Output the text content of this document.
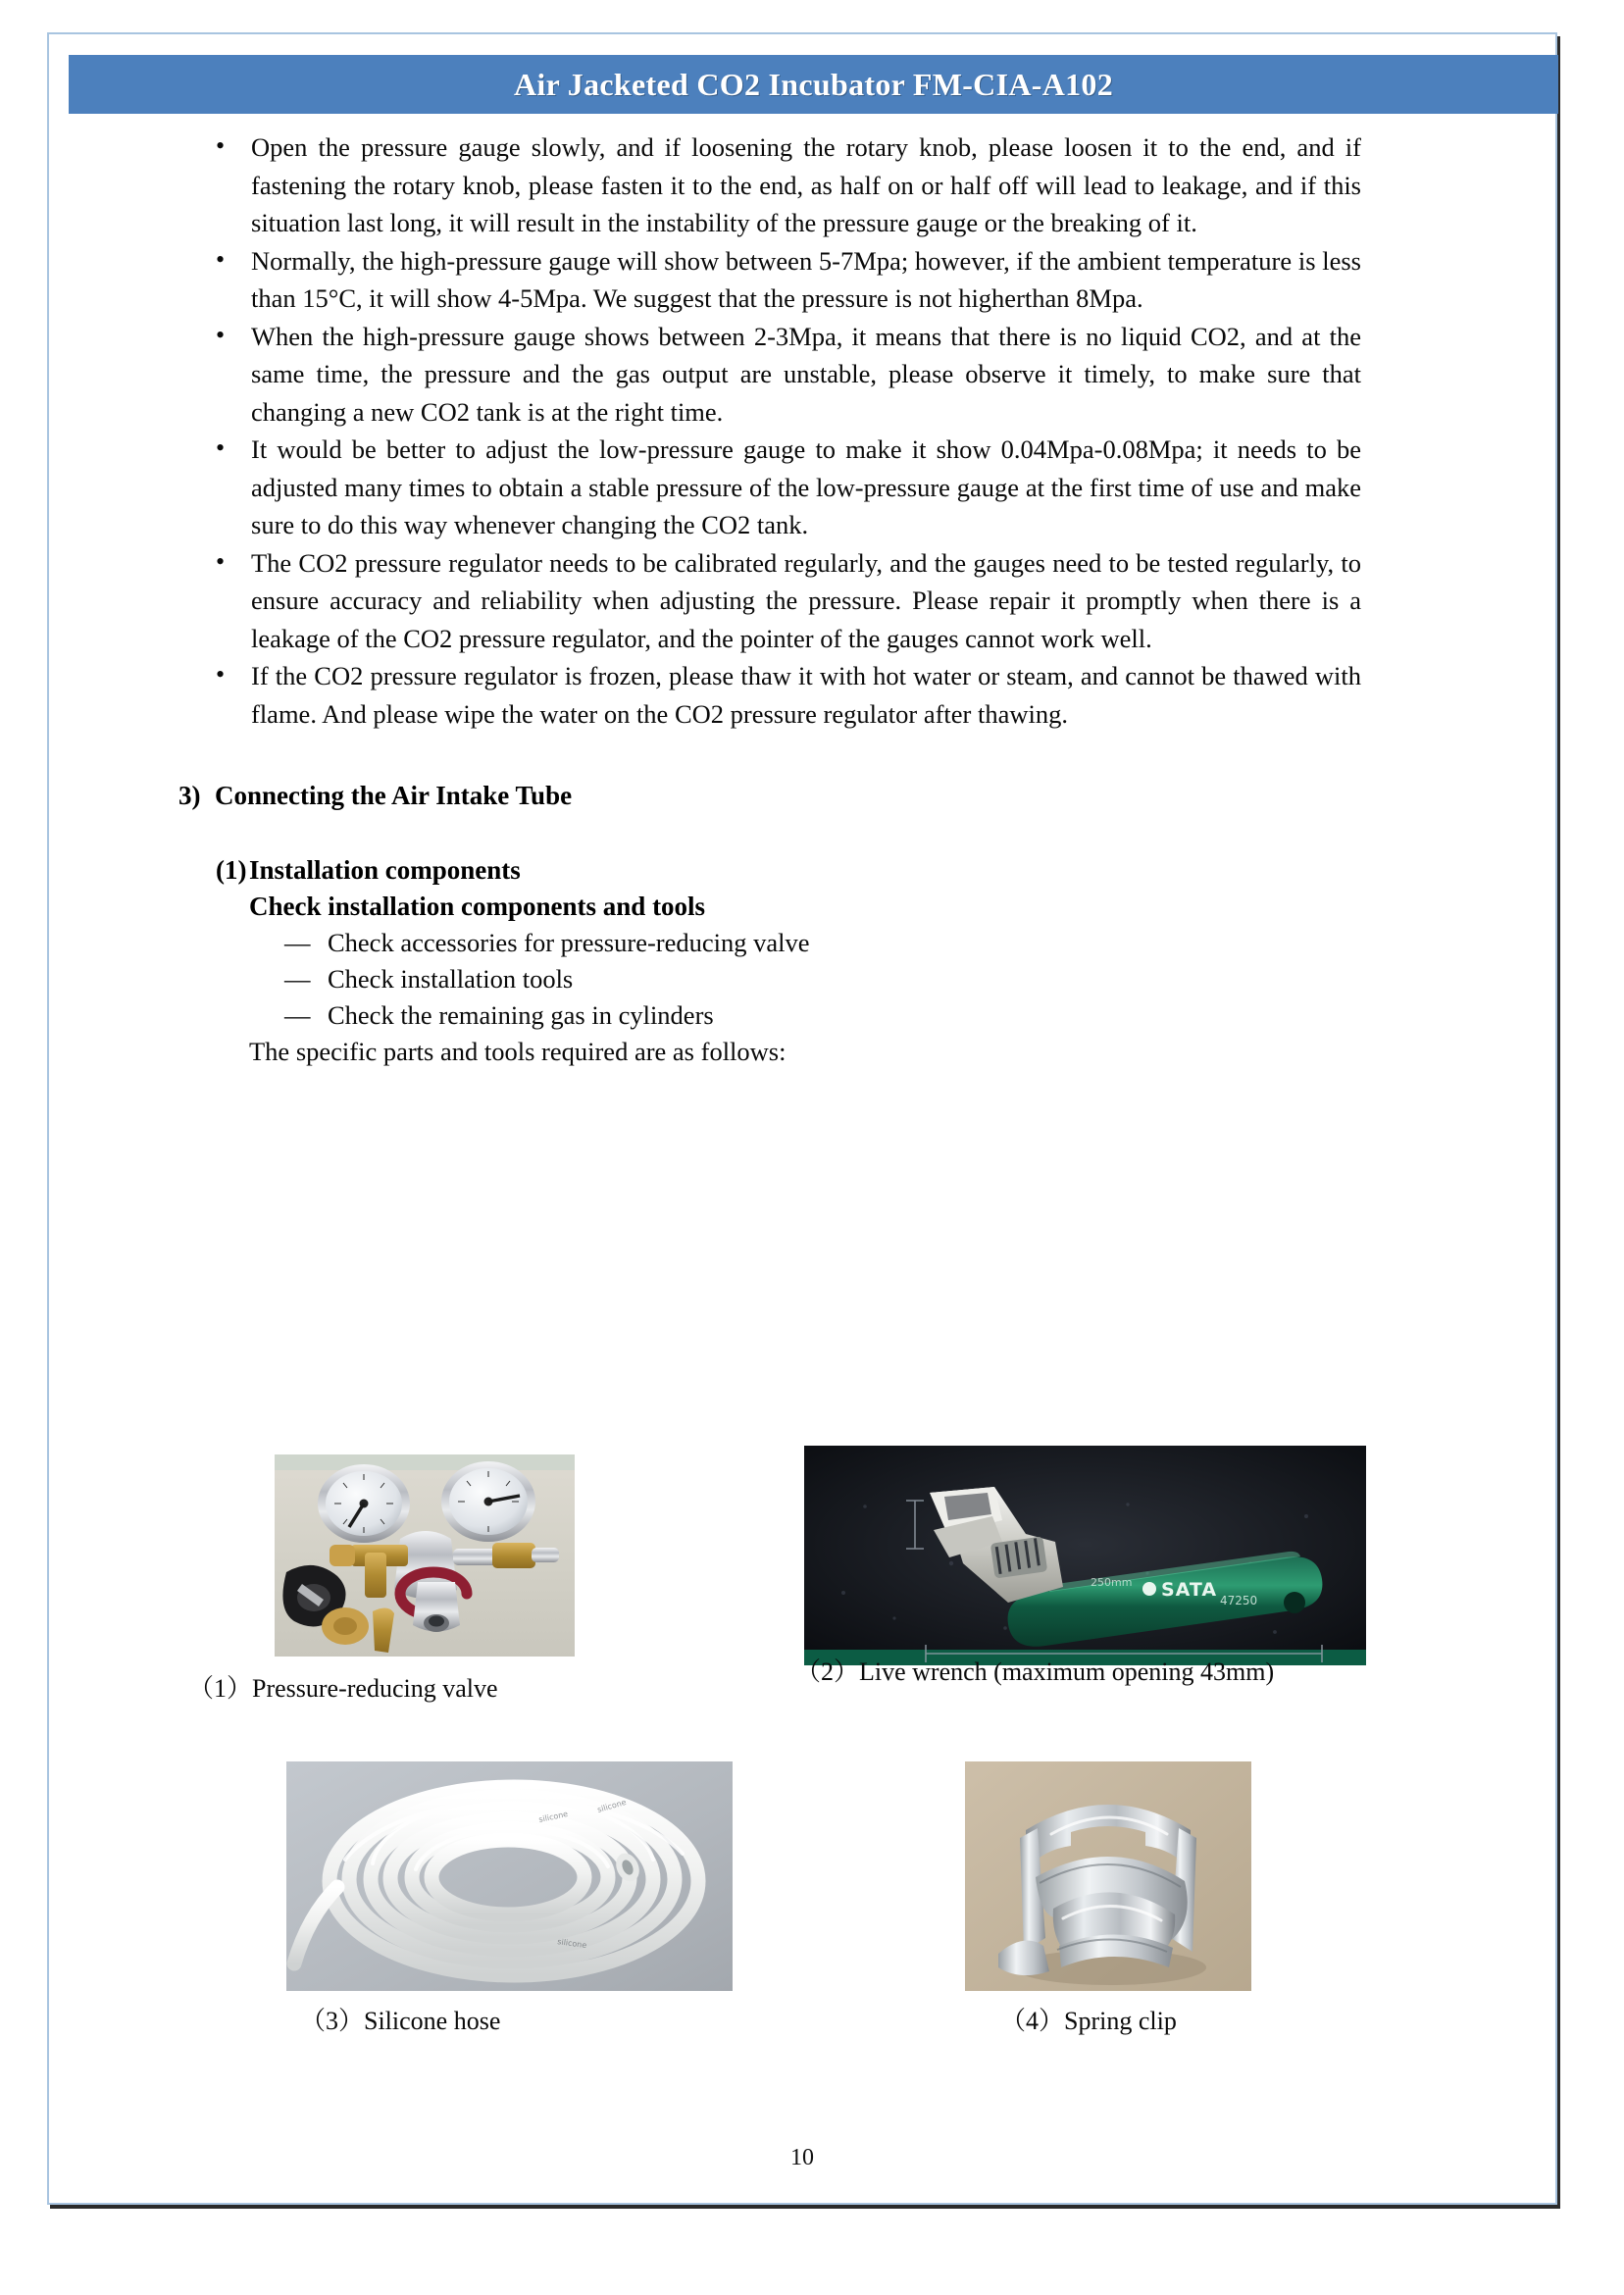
Air Jacketed CO2 Incubator FM-CIA-A102
• Open the pressure gauge slowly, and if loosening the rotary knob, please loosen it to the end, and if fastening the rotary knob, please fasten it to the end, as half on or half off will lead to leakage, and if this situation last long, it will result in the instability of the pressure gauge or the breaking of it.
• Normally, the high-pressure gauge will show between 5-7Mpa; however, if the ambient temperature is less than 15°C, it will show 4-5Mpa. We suggest that the pressure is not higherthan 8Mpa.
• When the high-pressure gauge shows between 2-3Mpa, it means that there is no liquid CO2, and at the same time, the pressure and the gas output are unstable, please observe it timely, to make sure that changing a new CO2 tank is at the right time.
• It would be better to adjust the low-pressure gauge to make it show 0.04Mpa-0.08Mpa; it needs to be adjusted many times to obtain a stable pressure of the low-pressure gauge at the first time of use and make sure to do this way whenever changing the CO2 tank.
• The CO2 pressure regulator needs to be calibrated regularly, and the gauges need to be tested regularly, to ensure accuracy and reliability when adjusting the pressure. Please repair it promptly when there is a leakage of the CO2 pressure regulator, and the pointer of the gauges cannot work well.
• If the CO2 pressure regulator is frozen, please thaw it with hot water or steam, and cannot be thawed with flame. And please wipe the water on the CO2 pressure regulator after thawing.
3) Connecting the Air Intake Tube
(1)Installation components
Check installation components and tools
— Check accessories for pressure-reducing valve
— Check installation tools
— Check the remaining gas in cylinders
The specific parts and tools required are as follows:
（1）Pressure-reducing valve
SATA 47250
250mm
（2）Live wrench (maximum opening 43mm)
silicone
silicone
silicone
（3）Silicone hose	（4）Spring clip
10
